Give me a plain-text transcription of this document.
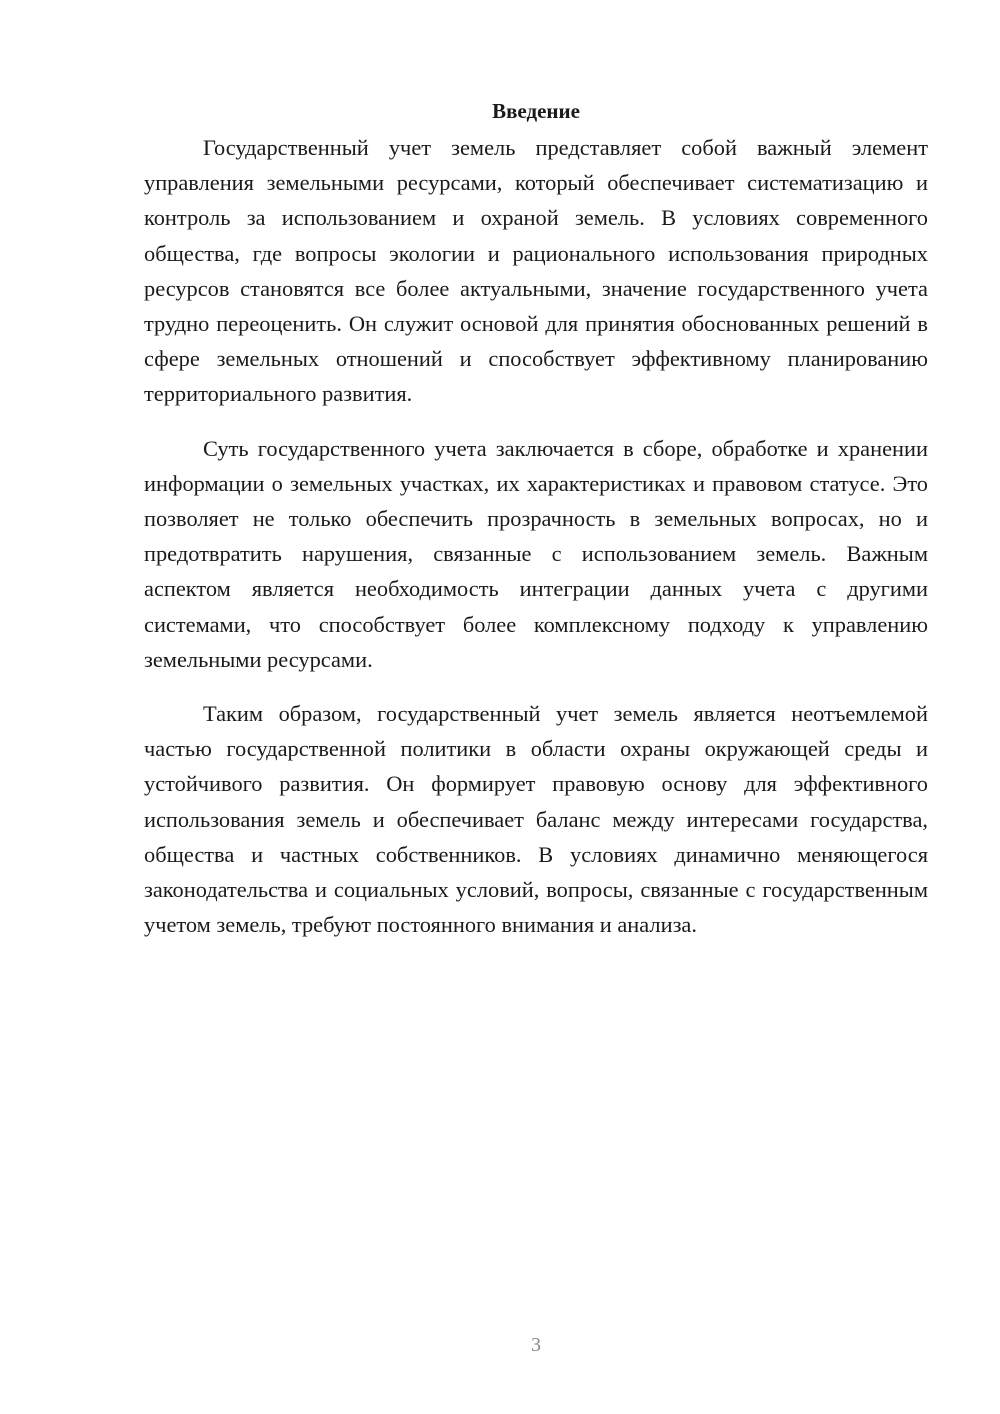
Введение

Государственный учет земель представляет собой важный элемент управления земельными ресурсами, который обеспечивает систематизацию и контроль за использованием и охраной земель. В условиях современного общества, где вопросы экологии и рационального использования природных ресурсов становятся все более актуальными, значение государственного учета трудно переоценить. Он служит основой для принятия обоснованных решений в сфере земельных отношений и способствует эффективному планированию территориального развития.

Суть государственного учета заключается в сборе, обработке и хранении информации о земельных участках, их характеристиках и правовом статусе. Это позволяет не только обеспечить прозрачность в земельных вопросах, но и предотвратить нарушения, связанные с использованием земель. Важным аспектом является необходимость интеграции данных учета с другими системами, что способствует более комплексному подходу к управлению земельными ресурсами.

Таким образом, государственный учет земель является неотъемлемой частью государственной политики в области охраны окружающей среды и устойчивого развития. Он формирует правовую основу для эффективного использования земель и обеспечивает баланс между интересами государства, общества и частных собственников. В условиях динамично меняющегося законодательства и социальных условий, вопросы, связанные с государственным учетом земель, требуют постоянного внимания и анализа.

3
